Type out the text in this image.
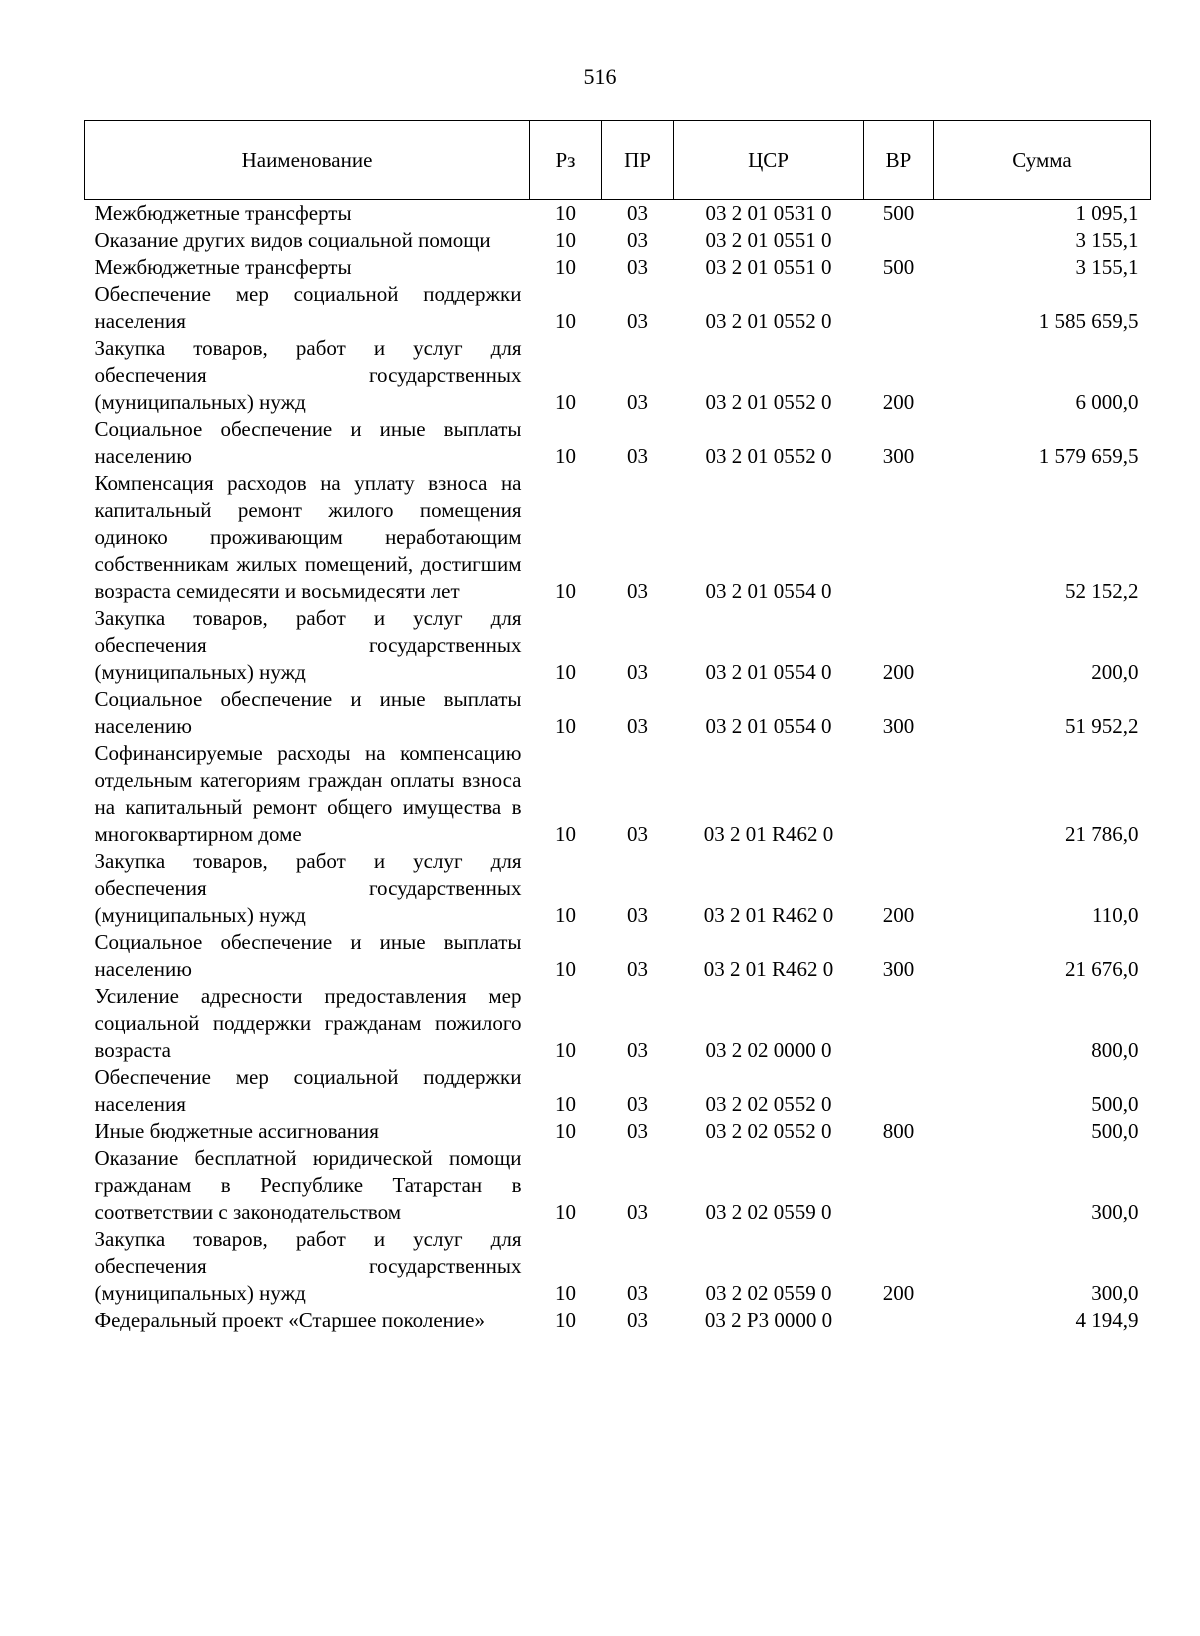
516
Наименование	Рз	ПР	ЦСР	ВР	Сумма
Межбюджетные трансферты	10	03	03 2 01 0531 0	500	1 095,1
Оказание других видов социальной помощи	10	03	03 2 01 0551 0		3 155,1
Межбюджетные трансферты	10	03	03 2 01 0551 0	500	3 155,1
Обеспечение мер социальной поддержки населения	10	03	03 2 01 0552 0		1 585 659,5
Закупка товаров, работ и услуг для обеспечения государственных (муниципальных) нужд	10	03	03 2 01 0552 0	200	6 000,0
Социальное обеспечение и иные выплаты населению	10	03	03 2 01 0552 0	300	1 579 659,5
Компенсация расходов на уплату взноса на капитальный ремонт жилого помещения одиноко проживающим неработающим собственникам жилых помещений, достигшим возраста семидесяти и восьмидесяти лет	10	03	03 2 01 0554 0		52 152,2
Закупка товаров, работ и услуг для обеспечения государственных (муниципальных) нужд	10	03	03 2 01 0554 0	200	200,0
Социальное обеспечение и иные выплаты населению	10	03	03 2 01 0554 0	300	51 952,2
Софинансируемые расходы на компенсацию отдельным категориям граждан оплаты взноса на капитальный ремонт общего имущества в многоквартирном доме	10	03	03 2 01 R462 0		21 786,0
Закупка товаров, работ и услуг для обеспечения государственных (муниципальных) нужд	10	03	03 2 01 R462 0	200	110,0
Социальное обеспечение и иные выплаты населению	10	03	03 2 01 R462 0	300	21 676,0
Усиление адресности предоставления мер социальной поддержки гражданам пожилого возраста	10	03	03 2 02 0000 0		800,0
Обеспечение мер социальной поддержки населения	10	03	03 2 02 0552 0		500,0
Иные бюджетные ассигнования	10	03	03 2 02 0552 0	800	500,0
Оказание бесплатной юридической помощи гражданам в Республике Татарстан в соответствии с законодательством	10	03	03 2 02 0559 0		300,0
Закупка товаров, работ и услуг для обеспечения государственных (муниципальных) нужд	10	03	03 2 02 0559 0	200	300,0
Федеральный проект «Старшее поколение»	10	03	03 2 P3 0000 0		4 194,9
